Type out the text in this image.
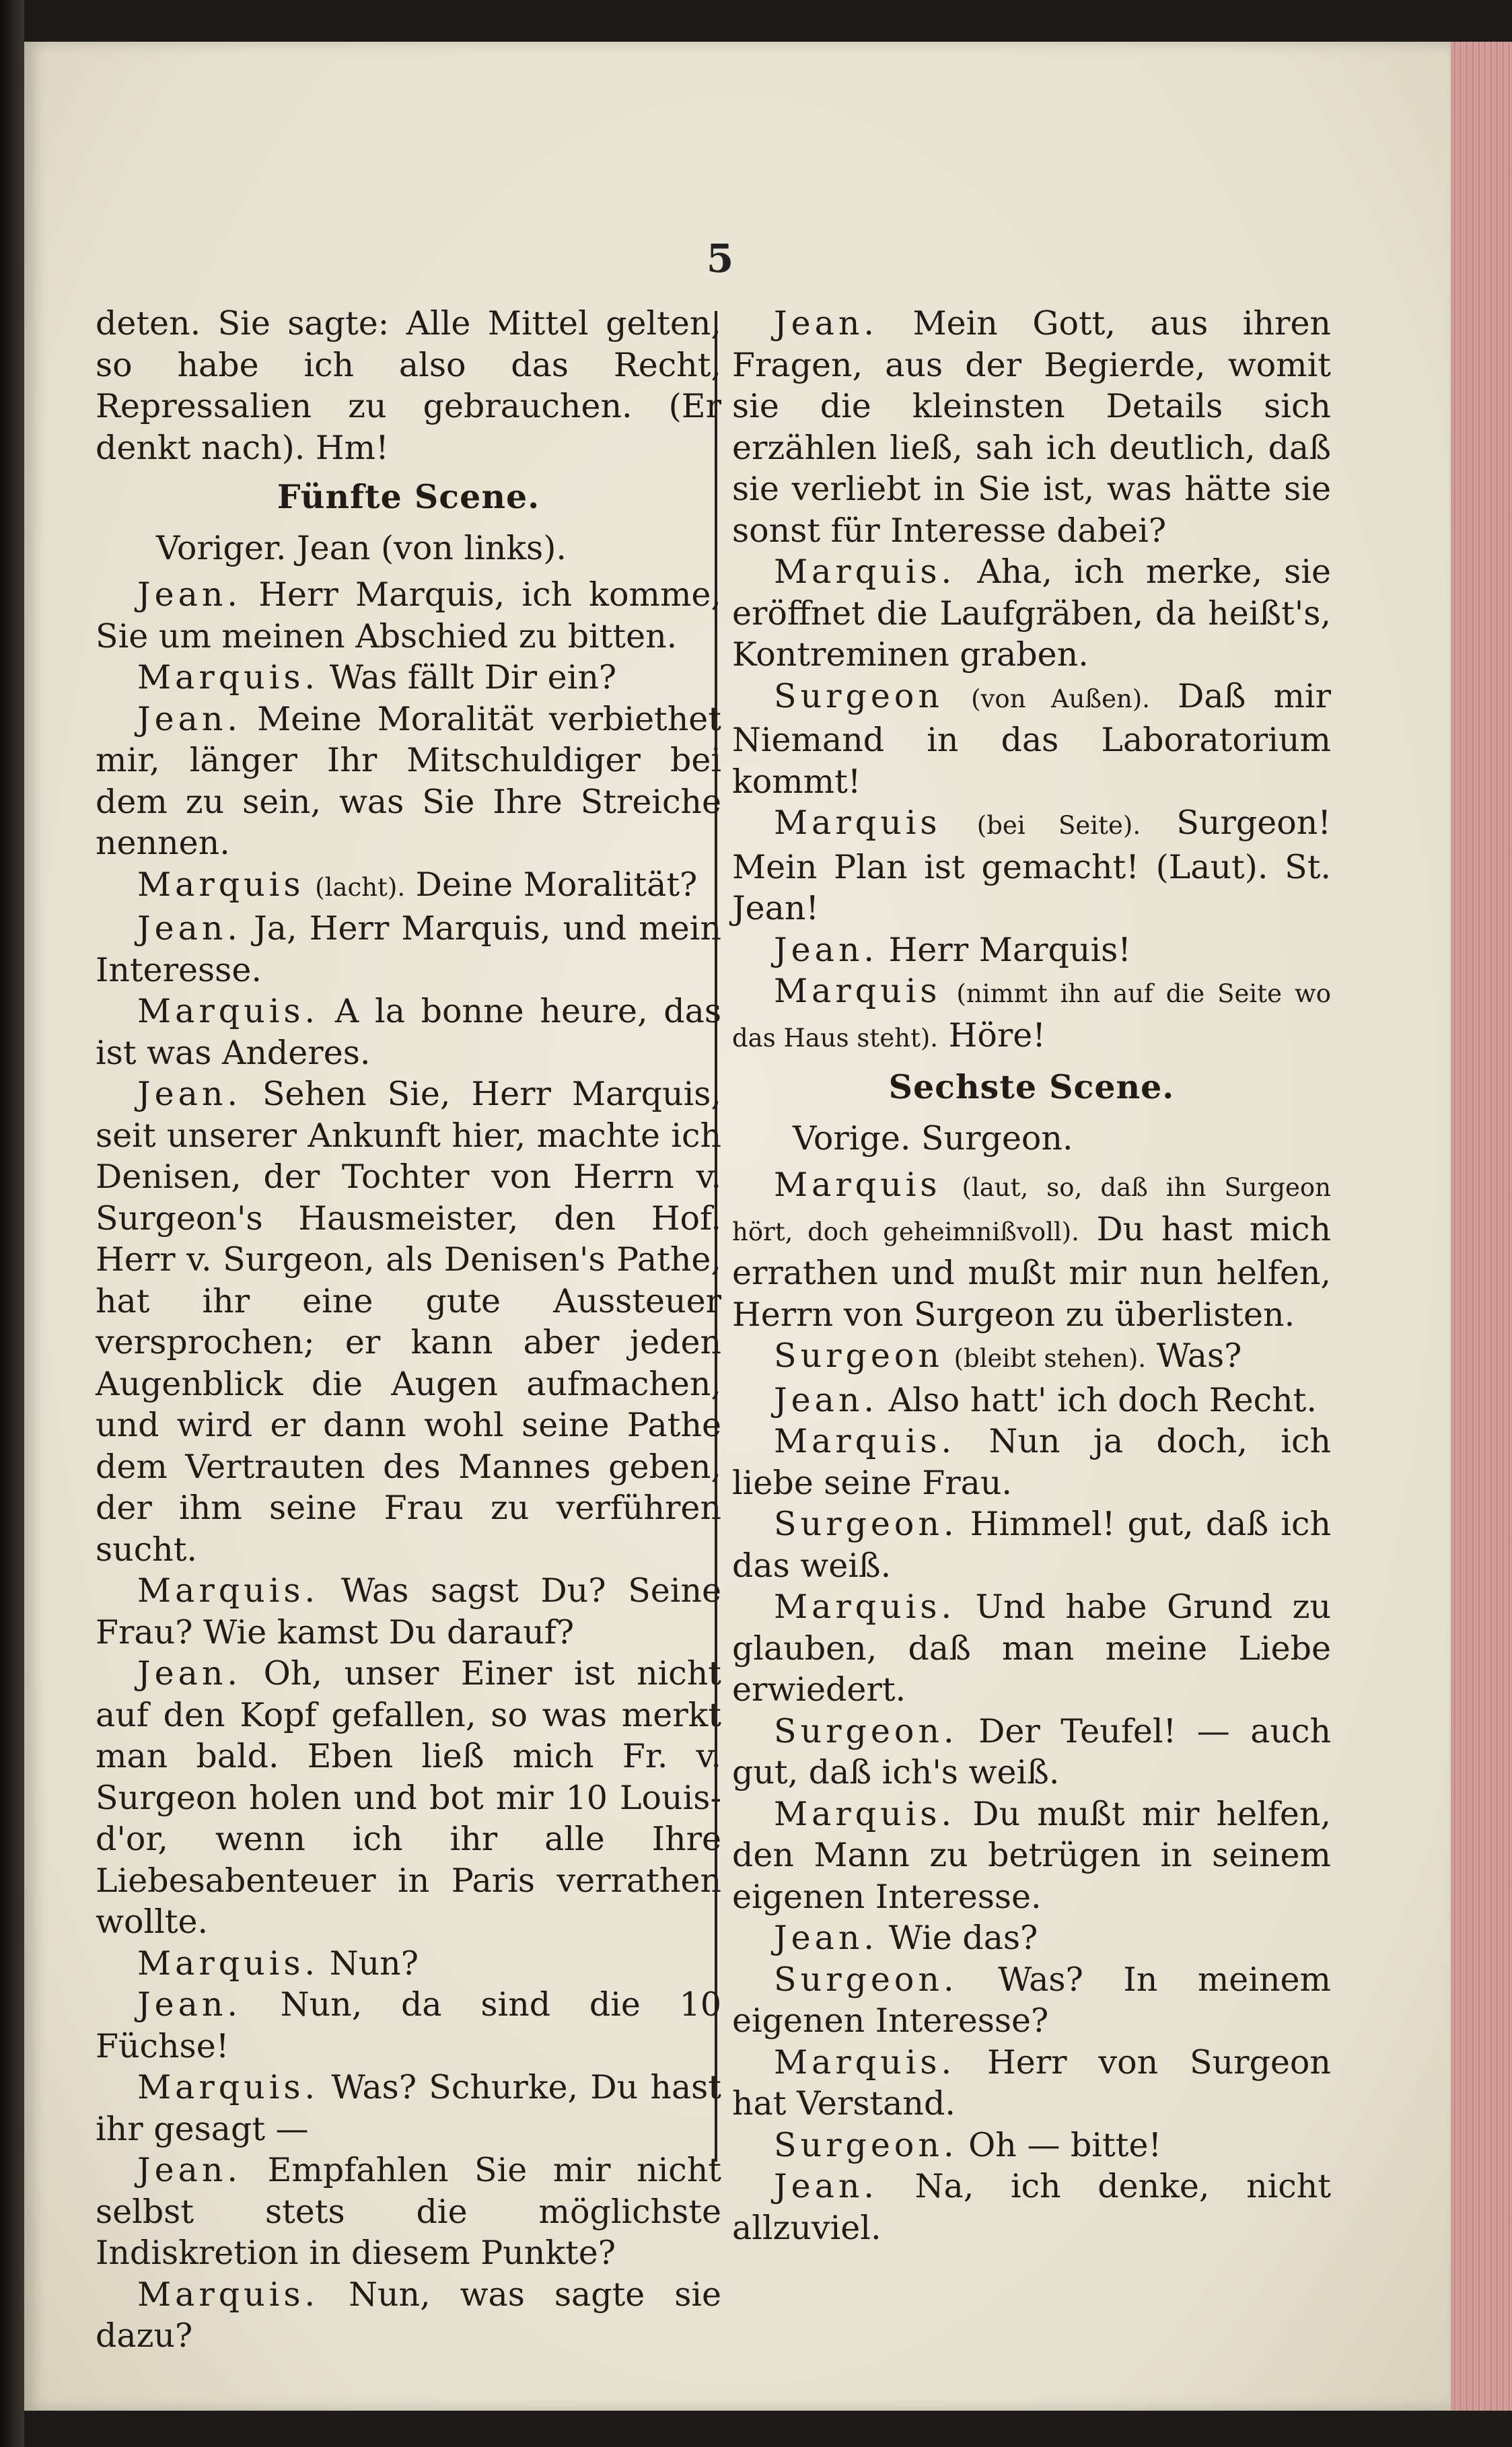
5

deten. Sie sagte: Alle Mittel gelten, so habe ich also das Recht, Repressalien zu gebrauchen. (Er denkt nach). Hm!

Fünfte Scene.

Voriger. Jean (von links).

Jean. Herr Marquis, ich komme, Sie um meinen Abschied zu bitten.

Marquis. Was fällt Dir ein?

Jean. Meine Moralität verbiethet mir, länger Ihr Mitschuldiger bei dem zu sein, was Sie Ihre Streiche nennen.

Marquis (lacht). Deine Moralität?

Jean. Ja, Herr Marquis, und mein Interesse.

Marquis. A la bonne heure, das ist was Anderes.

Jean. Sehen Sie, Herr Marquis, seit unserer Ankunft hier, machte ich Denisen, der Tochter von Herrn v. Surgeon's Hausmeister, den Hof. Herr v. Surgeon, als Denisen's Pathe, hat ihr eine gute Aussteuer versprochen; er kann aber jeden Augenblick die Augen aufmachen, und wird er dann wohl seine Pathe dem Vertrauten des Mannes geben, der ihm seine Frau zu verführen sucht.

Marquis. Was sagst Du? Seine Frau? Wie kamst Du darauf?

Jean. Oh, unser Einer ist nicht auf den Kopf gefallen, so was merkt man bald. Eben ließ mich Fr. v. Surgeon holen und bot mir 10 Louis-d'or, wenn ich ihr alle Ihre Liebesabenteuer in Paris verrathen wollte.

Marquis. Nun?

Jean. Nun, da sind die 10 Füchse!

Marquis. Was? Schurke, Du hast ihr gesagt —

Jean. Empfahlen Sie mir nicht selbst stets die möglichste Indiskretion in diesem Punkte?

Marquis. Nun, was sagte sie dazu?

Jean. Mein Gott, aus ihren Fragen, aus der Begierde, womit sie die kleinsten Details sich erzählen ließ, sah ich deutlich, daß sie verliebt in Sie ist, was hätte sie sonst für Interesse dabei?

Marquis. Aha, ich merke, sie eröffnet die Laufgräben, da heißt's, Kontreminen graben.

Surgeon (von Außen). Daß mir Niemand in das Laboratorium kommt!

Marquis (bei Seite). Surgeon! Mein Plan ist gemacht! (Laut). St. Jean!

Jean. Herr Marquis!

Marquis (nimmt ihn auf die Seite wo das Haus steht). Höre!

Sechste Scene.

Vorige. Surgeon.

Marquis (laut, so, daß ihn Surgeon hört, doch geheimnißvoll). Du hast mich errathen und mußt mir nun helfen, Herrn von Surgeon zu überlisten.

Surgeon (bleibt stehen). Was?

Jean. Also hatt' ich doch Recht.

Marquis. Nun ja doch, ich liebe seine Frau.

Surgeon. Himmel! gut, daß ich das weiß.

Marquis. Und habe Grund zu glauben, daß man meine Liebe erwiedert.

Surgeon. Der Teufel! — auch gut, daß ich's weiß.

Marquis. Du mußt mir helfen, den Mann zu betrügen in seinem eigenen Interesse.

Jean. Wie das?

Surgeon. Was? In meinem eigenen Interesse?

Marquis. Herr von Surgeon hat Verstand.

Surgeon. Oh — bitte!

Jean. Na, ich denke, nicht allzuviel.
